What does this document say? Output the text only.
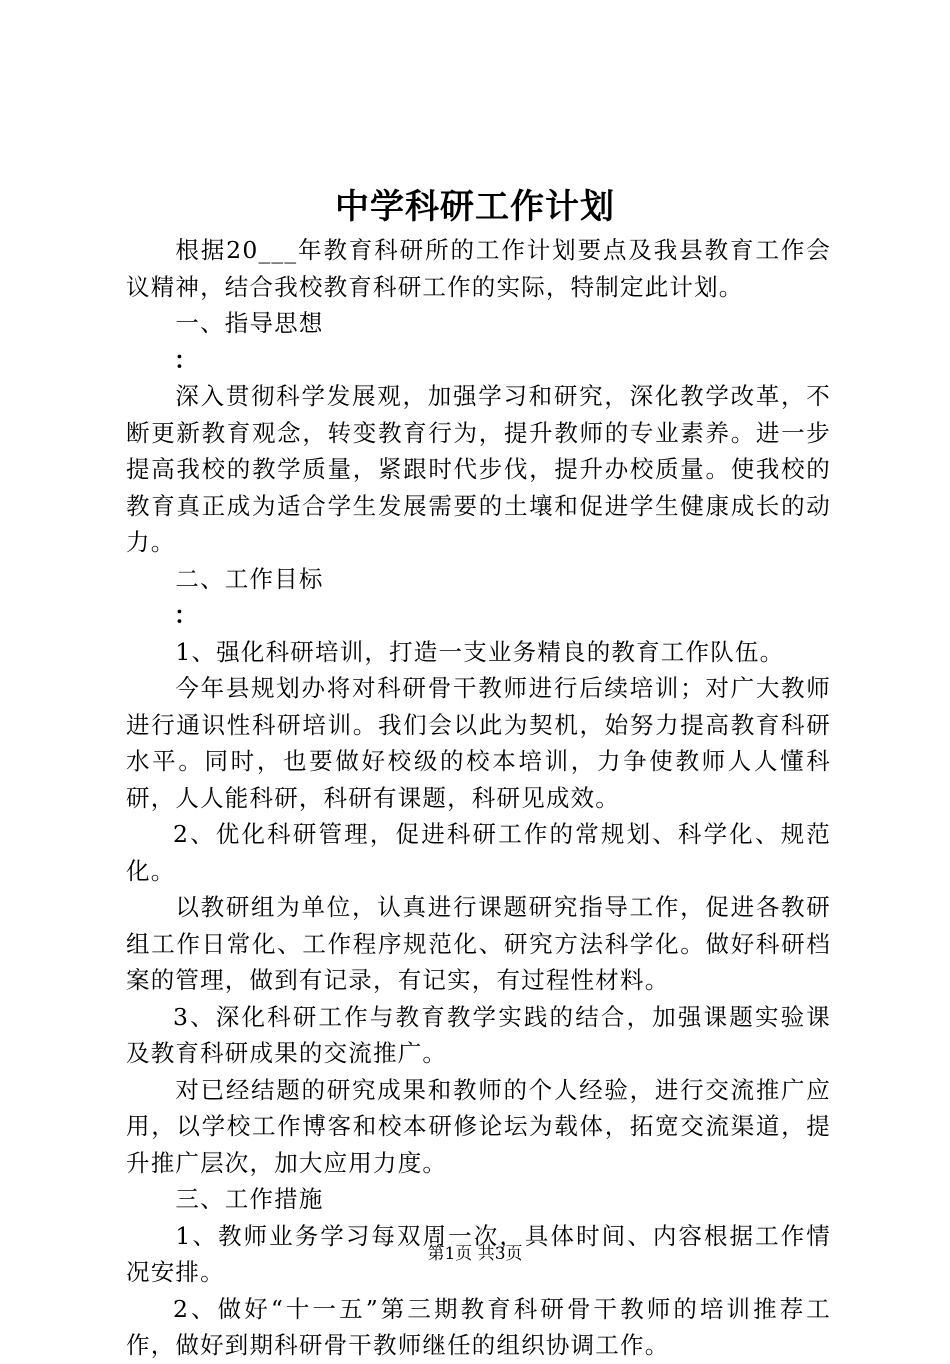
中学科研工作计划

根据20___年教育科研所的工作计划要点及我县教育工作会议精神，结合我校教育科研工作的实际，特制定此计划。

一、指导思想

：

深入贯彻科学发展观，加强学习和研究，深化教学改革，不断更新教育观念，转变教育行为，提升教师的专业素养。进一步提高我校的教学质量，紧跟时代步伐，提升办校质量。使我校的教育真正成为适合学生发展需要的土壤和促进学生健康成长的动力。

二、工作目标

：

1、强化科研培训，打造一支业务精良的教育工作队伍。

今年县规划办将对科研骨干教师进行后续培训；对广大教师进行通识性科研培训。我们会以此为契机，始努力提高教育科研水平。同时，也要做好校级的校本培训，力争使教师人人懂科研，人人能科研，科研有课题，科研见成效。

2、优化科研管理，促进科研工作的常规划、科学化、规范化。

以教研组为单位，认真进行课题研究指导工作，促进各教研组工作日常化、工作程序规范化、研究方法科学化。做好科研档案的管理，做到有记录，有记实，有过程性材料。

3、深化科研工作与教育教学实践的结合，加强课题实验课及教育科研成果的交流推广。

对已经结题的研究成果和教师的个人经验，进行交流推广应用，以学校工作博客和校本研修论坛为载体，拓宽交流渠道，提升推广层次，加大应用力度。

三、工作措施

1、教师业务学习每双周一次，具体时间、内容根据工作情况安排。

2、做好“十一五”第三期教育科研骨干教师的培训推荐工作，做好到期科研骨干教师继任的组织协调工作。

第1页 共3页
